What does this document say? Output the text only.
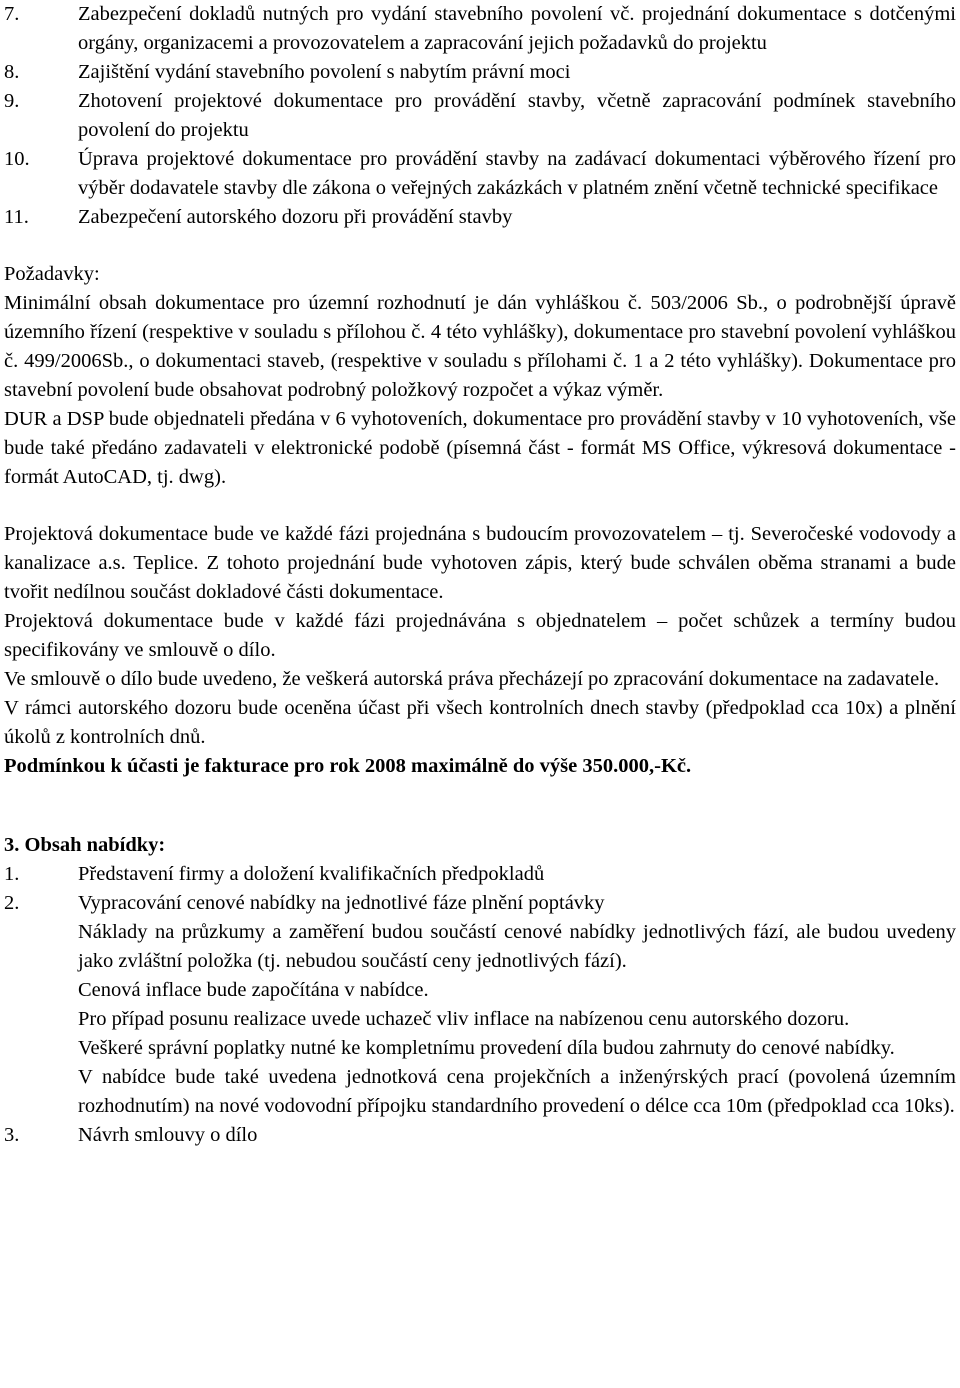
7.	Zabezpečení dokladů nutných pro vydání stavebního povolení vč. projednání dokumentace s dotčenými orgány, organizacemi a provozovatelem a zapracování jejich požadavků do projektu
8.	Zajištění vydání stavebního povolení s nabytím právní moci
9.	Zhotovení projektové dokumentace pro provádění stavby, včetně zapracování podmínek stavebního povolení do projektu
10.	Úprava projektové dokumentace pro provádění stavby na zadávací dokumentaci výběrového řízení pro výběr dodavatele stavby dle zákona o veřejných zakázkách v platném znění včetně technické specifikace
11.	Zabezpečení autorského dozoru při provádění stavby

Požadavky:

Minimální obsah dokumentace pro územní rozhodnutí je dán vyhláškou č. 503/2006 Sb., o podrobnější úpravě územního řízení (respektive v souladu s přílohou č. 4 této vyhlášky), dokumentace pro stavební povolení vyhláškou č. 499/2006Sb., o dokumentaci staveb, (respektive v souladu s přílohami č. 1 a 2 této vyhlášky). Dokumentace pro stavební povolení bude obsahovat podrobný položkový rozpočet a výkaz výměr.

DUR a DSP bude objednateli předána v 6 vyhotoveních, dokumentace pro provádění stavby v 10 vyhotoveních, vše bude také předáno zadavateli v elektronické podobě (písemná část - formát MS Office, výkresová dokumentace - formát AutoCAD, tj. dwg).

Projektová dokumentace bude ve každé fázi projednána s budoucím provozovatelem – tj. Severočeské vodovody a kanalizace a.s. Teplice. Z tohoto projednání bude vyhotoven zápis, který bude schválen oběma stranami a bude tvořit nedílnou součást dokladové části dokumentace.

Projektová dokumentace bude v každé fázi projednávána s objednatelem – počet schůzek a termíny budou specifikovány ve smlouvě o dílo.

Ve smlouvě o dílo bude uvedeno, že veškerá autorská práva přecházejí po zpracování dokumentace na zadavatele.

V rámci autorského dozoru bude oceněna účast při všech kontrolních dnech stavby (předpoklad cca 10x) a plnění úkolů z kontrolních dnů.

Podmínkou k účasti je fakturace pro rok 2008 maximálně do výše 350.000,-Kč.

3. Obsah nabídky:

1.	Představení firmy a doložení kvalifikačních předpokladů
2.	Vypracování cenové nabídky na jednotlivé fáze plnění poptávky

Náklady na průzkumy a zaměření budou součástí cenové nabídky jednotlivých fází, ale budou uvedeny jako zvláštní položka (tj. nebudou součástí ceny jednotlivých fází).

Cenová inflace bude započítána v nabídce.

Pro případ posunu realizace uvede uchazeč vliv inflace na nabízenou cenu autorského dozoru.

Veškeré správní poplatky nutné ke kompletnímu provedení díla budou zahrnuty do cenové nabídky.

V nabídce bude také uvedena jednotková cena projekčních a inženýrských prací (povolená územním rozhodnutím) na nové vodovodní přípojku standardního provedení o délce cca 10m (předpoklad cca 10ks).

3.	Návrh smlouvy o dílo
